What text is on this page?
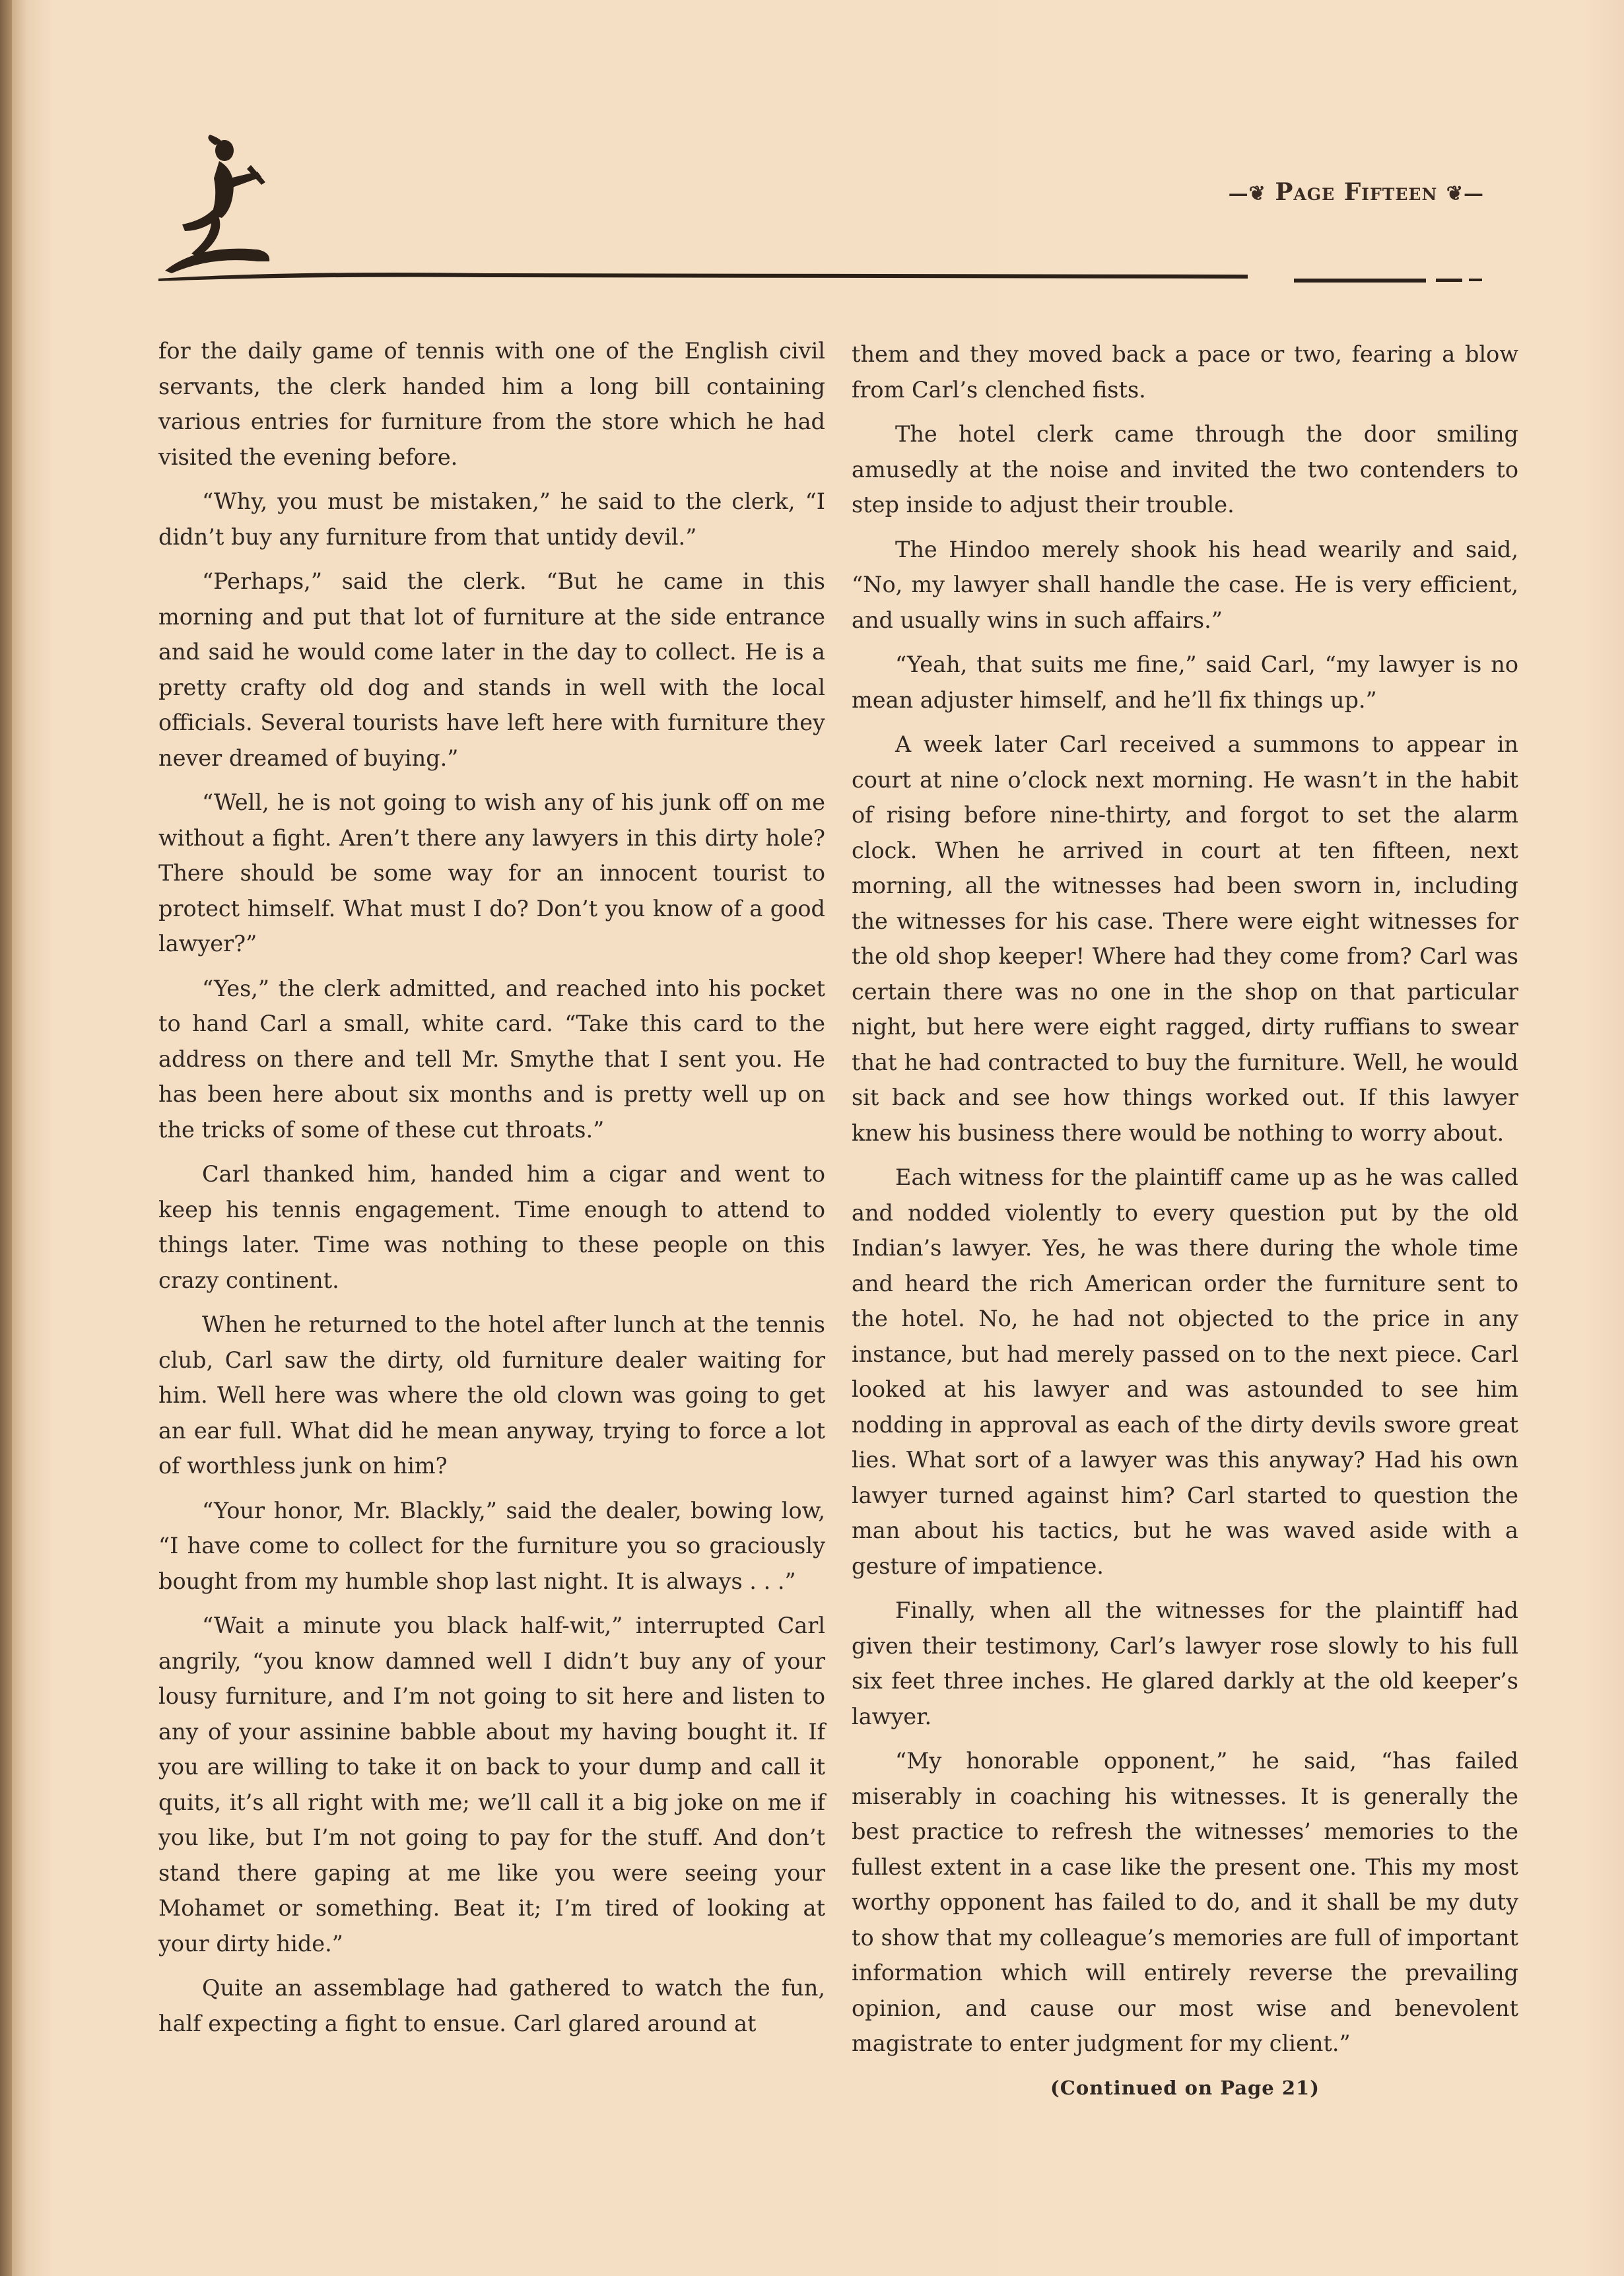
—❦ Page Fifteen ❦—

for the daily game of tennis with one of the English civil servants, the clerk handed him a long bill containing various entries for furniture from the store which he had visited the evening before.

“Why, you must be mistaken,” he said to the clerk, “I didn’t buy any furniture from that untidy devil.”

“Perhaps,” said the clerk. “But he came in this morning and put that lot of furniture at the side entrance and said he would come later in the day to collect. He is a pretty crafty old dog and stands in well with the local officials. Several tourists have left here with furniture they never dreamed of buying.”

“Well, he is not going to wish any of his junk off on me without a fight. Aren’t there any lawyers in this dirty hole? There should be some way for an innocent tourist to protect himself. What must I do? Don’t you know of a good lawyer?”

“Yes,” the clerk admitted, and reached into his pocket to hand Carl a small, white card. “Take this card to the address on there and tell Mr. Smythe that I sent you. He has been here about six months and is pretty well up on the tricks of some of these cut throats.”

Carl thanked him, handed him a cigar and went to keep his tennis engagement. Time enough to attend to things later. Time was nothing to these people on this crazy continent.

When he returned to the hotel after lunch at the tennis club, Carl saw the dirty, old furniture dealer waiting for him. Well here was where the old clown was going to get an ear full. What did he mean anyway, trying to force a lot of worthless junk on him?

“Your honor, Mr. Blackly,” said the dealer, bowing low, “I have come to collect for the furniture you so graciously bought from my humble shop last night. It is always . . .”

“Wait a minute you black half-wit,” interrupted Carl angrily, “you know damned well I didn’t buy any of your lousy furniture, and I’m not going to sit here and listen to any of your assinine babble about my having bought it. If you are willing to take it on back to your dump and call it quits, it’s all right with me; we’ll call it a big joke on me if you like, but I’m not going to pay for the stuff. And don’t stand there gaping at me like you were seeing your Mohamet or something. Beat it; I’m tired of looking at your dirty hide.”

Quite an assemblage had gathered to watch the fun, half expecting a fight to ensue. Carl glared around at

them and they moved back a pace or two, fearing a blow from Carl’s clenched fists.

The hotel clerk came through the door smiling amusedly at the noise and invited the two contenders to step inside to adjust their trouble.

The Hindoo merely shook his head wearily and said, “No, my lawyer shall handle the case. He is very efficient, and usually wins in such affairs.”

“Yeah, that suits me fine,” said Carl, “my lawyer is no mean adjuster himself, and he’ll fix things up.”

A week later Carl received a summons to appear in court at nine o’clock next morning. He wasn’t in the habit of rising before nine-thirty, and forgot to set the alarm clock. When he arrived in court at ten fifteen, next morning, all the witnesses had been sworn in, including the witnesses for his case. There were eight witnesses for the old shop keeper! Where had they come from? Carl was certain there was no one in the shop on that particular night, but here were eight ragged, dirty ruffians to swear that he had contracted to buy the furniture. Well, he would sit back and see how things worked out. If this lawyer knew his business there would be nothing to worry about.

Each witness for the plaintiff came up as he was called and nodded violently to every question put by the old Indian’s lawyer. Yes, he was there during the whole time and heard the rich American order the furniture sent to the hotel. No, he had not objected to the price in any instance, but had merely passed on to the next piece. Carl looked at his lawyer and was astounded to see him nodding in approval as each of the dirty devils swore great lies. What sort of a lawyer was this anyway? Had his own lawyer turned against him? Carl started to question the man about his tactics, but he was waved aside with a gesture of impatience.

Finally, when all the witnesses for the plaintiff had given their testimony, Carl’s lawyer rose slowly to his full six feet three inches. He glared darkly at the old keeper’s lawyer.

“My honorable opponent,” he said, “has failed miserably in coaching his witnesses. It is generally the best practice to refresh the witnesses’ memories to the fullest extent in a case like the present one. This my most worthy opponent has failed to do, and it shall be my duty to show that my colleague’s memories are full of important information which will entirely reverse the prevailing opinion, and cause our most wise and benevolent magistrate to enter judgment for my client.”

(Continued on Page 21)
